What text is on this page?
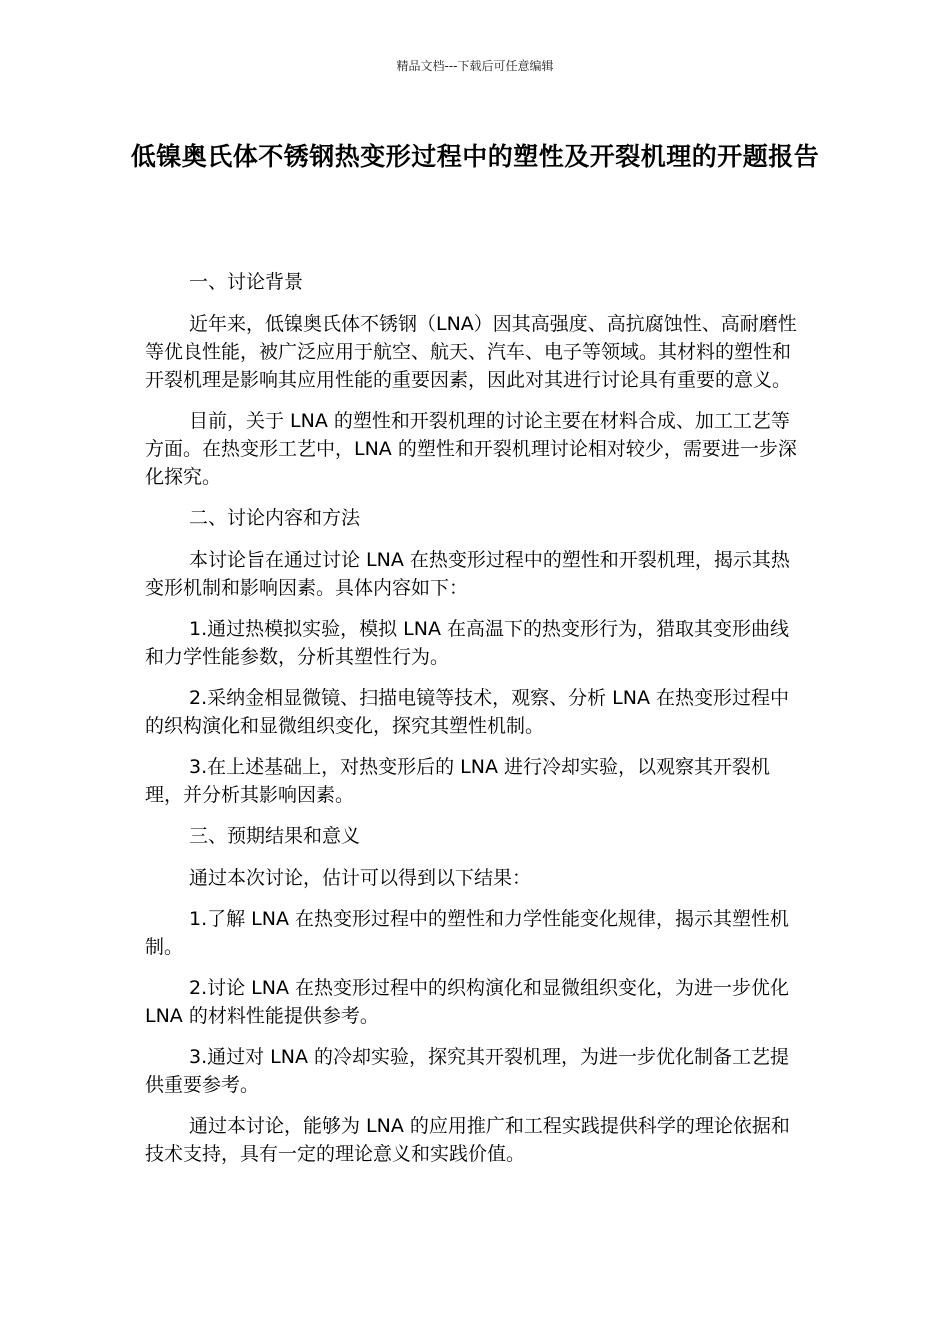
精品文档---下载后可任意编辑
低镍奥氏体不锈钢热变形过程中的塑性及开裂机理的开题报告

一、讨论背景

近年来，低镍奥氏体不锈钢（LNA）因其高强度、高抗腐蚀性、高耐磨性等优良性能，被广泛应用于航空、航天、汽车、电子等领域。其材料的塑性和开裂机理是影响其应用性能的重要因素，因此对其进行讨论具有重要的意义。

目前，关于 LNA 的塑性和开裂机理的讨论主要在材料合成、加工工艺等方面。在热变形工艺中，LNA 的塑性和开裂机理讨论相对较少，需要进一步深化探究。

二、讨论内容和方法

本讨论旨在通过讨论 LNA 在热变形过程中的塑性和开裂机理，揭示其热变形机制和影响因素。具体内容如下：

1.通过热模拟实验，模拟 LNA 在高温下的热变形行为，猎取其变形曲线和力学性能参数，分析其塑性行为。

2.采纳金相显微镜、扫描电镜等技术，观察、分析 LNA 在热变形过程中的织构演化和显微组织变化，探究其塑性机制。

3.在上述基础上，对热变形后的 LNA 进行冷却实验，以观察其开裂机理，并分析其影响因素。

三、预期结果和意义

通过本次讨论，估计可以得到以下结果：

1.了解 LNA 在热变形过程中的塑性和力学性能变化规律，揭示其塑性机制。

2.讨论 LNA 在热变形过程中的织构演化和显微组织变化，为进一步优化 LNA 的材料性能提供参考。

3.通过对 LNA 的冷却实验，探究其开裂机理，为进一步优化制备工艺提供重要参考。

通过本讨论，能够为 LNA 的应用推广和工程实践提供科学的理论依据和技术支持，具有一定的理论意义和实践价值。
